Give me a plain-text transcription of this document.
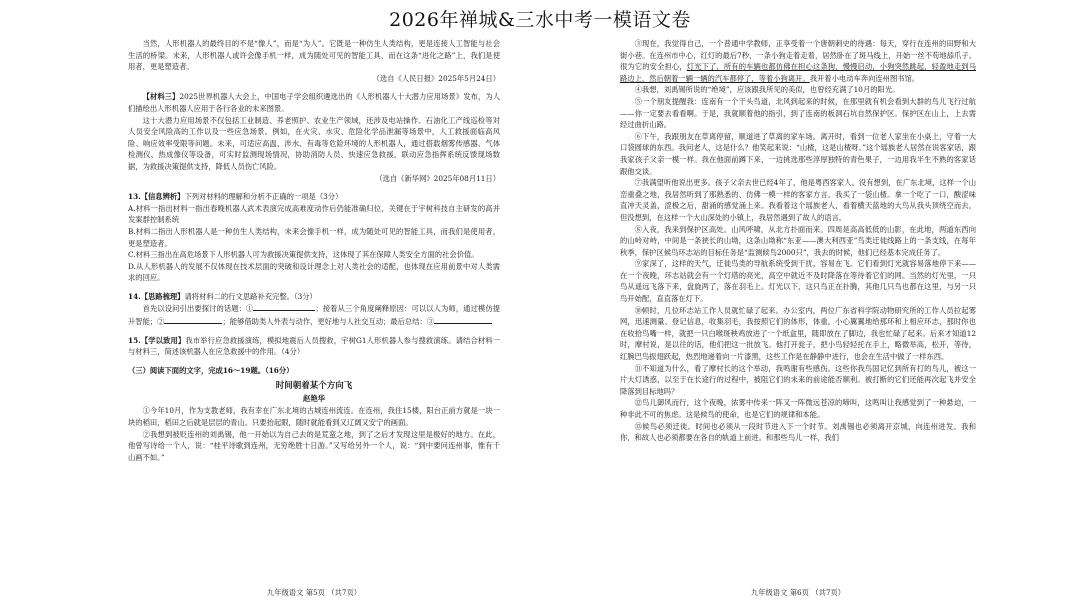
2026年禅城&三水中考一模语文卷

当然，人形机器人的最终目的不是“像人”，而是“为人”。它既是一种仿生人类结构，更是连接人工智能与社会生活的桥梁。未来，人形机器人或许会像手机一样，成为随处可见的智能工具，而在这条“进化之路”上，我们是使用者，更是塑造者。

（选自《人民日报》2025年5月24日）

【材料三】2025世界机器人大会上，中国电子学会组织遴选出的《人形机器人十大潜力应用场景》发布，为人们描绘出人形机器人应用于各行各业的未来图景。

这十大潜力应用场景不仅包括工业制造、养老照护、农业生产领域，还涉及电站操作、石油化工产线巡检等对人员安全风险高的工作以及一些应急场景。例如，在火灾、水灾、危险化学品泄漏等场景中，人工救援面临高风险、响应效率受限等问题。未来，可适应高温、涉水、有毒等危险环境的人形机器人，通过搭载烟雾传感器、气体检测仪、热成像仪等设备，可实时监测现场情况，协助消防人员、快速应急救援，联动应急指挥系统反馈现场数据，为救援决策提供支持，降低人员伤亡风险。

（选自《新华网》2025年08月11日）

13.【信息辨析】下列对材料的理解和分析不正确的一项是（3分）

A.材料一指出材料一指出春晚机器人武术表演完成高难度动作后仍能准确归位，关键在于宇树科技自主研发的高并发案群控制系统

B.材料二指出人形机器人是一种仿生人类结构，未来会像手机一样，成为随处可见的智能工具，而我们是使用者，更是塑造者。

C.材料三指出在高危场景下人形机器人可为救援决策提供支持，这体现了其在保障人类安全方面的社会价值。

D.从人形机器人的发展不仅体现在技术层面的突破和设计理念上对人类社会的适配，也体现在应用前景中对人类需求的回应。

14.【思路梳理】请将材料二的行文思路补充完整。（3分）

首先以设问引出要探讨的话题：①	；接着从三个角度阐释原因：可以以人为师，通过模仿提升智能；②	；能够借助类人外表与动作，更好地与人社交互动；最后总结：③

15.【学以致用】我市举行应急救援演练，模拟地震后人员搜救，宇树G1人形机器人参与搜救演练。请结合材料一与材料三，简述该机器人在应急救援中的作用。（4分）

（三）阅读下面的文字，完成16～19题。（16分）

时间朝着某个方向飞

赵艳华

①今年10月，作为支教老师，我有幸在广东北境的古城连州流连。在连州，我住15楼，阳台正前方就是一块一块的稻田，稻田之后就是层层的青山。只要抬起眼，随时就能看到又辽阔又安宁的画面。

②我想到被贬连州的刘禹锡，他一开始以为自己去的是荒蛮之地，到了之后才发现这里是极好的地方。在此，他曾写诗给一个人，说：“桂平诗歌到连州，无穷绝胜十日游。”又写给另外一个人，说：“到中要问连州事，惟有千山画不如。”

九年级语文 第5页 （共7页）

③现在，我觉得自己，一个普通中学教师，正享受着一个唐朝刺史的待遇：每天，穿行在连州的田野和大街小巷。在连州市中心，红灯的最后7秒，一条小狗走着走着，居然卧在了斑马线上，开始一丝不苟地舔爪子。很为它的安全担心，灯光下了，所有的车辆也都仿佛在担心这条狗，慢慢启动，小狗突然跳起，轻盈地走到马路边上，然后朝着一辆一辆的汽车都停了，等着小狗离开。我开着小电动车奔向连州图书馆。

④我想，刘禹锡所说的“绝境”，应该跟我所见的美似，也曾经充满了10月的阳光。

⑤一个朋友提醒我：连南有一个干头鸟道，北风到起来的时候，在那里就有机会看到大群的鸟儿飞行过航——你一定要去看看啊。于是，我就顺着他的指引，到了连南的板洞石坑自然保护区。保护区在山上，上去需经过曲折山路。

⑥下午，我跟朋友在草离停留，顺道进了草离的家车场。离开时，看到一位老人家坐在小桌上，守着一大口袋圆球的东西。我问老人，这是什么？他笑起来说：“山楂，这是山楂呀。”这个瑶族老人居然在说客家话，跟我家孩子父亲一模一样。我在他面前蹲下来，一边挑选那些淳厚独特的青色果子，一边用我半生不熟的客家话跟他交谈。

⑦我满望听他说出更多。孩子父亲去世已经4年了，他是粤西客家人。没有想到，在广东北境，这样一个山峦重叠之地，我居然听到了那熟悉的、仿佛一模一样的客家方言。我买了一袋山楂。拿一个吃了一口，酸涩味直冲天灵盖，涩极之后，甜涌的感觉涌上来。我看着这个瑶族老人，看着横天蓝地的大鸟从我头顶绕空而去，但没想到，在这样一个大山深处的小镇上，我居然遇到了故人的语言。

⑧入夜，我来到保护区高处。山风呼啸，从北方扑面而来。四周是高高低低的山影，在此地，两道东西向的山岭对峙，中间是一条狭长的山坳，这条山坳称“东亚——澳大利西亚”鸟类迁徙线路上的一条支线，在每年秋季，保护区候鸟环志站的目标任务是“监测候鸟2000只”，我去的时候，他们已经基本完成任务了。

⑨家深了，这样的天气，迁徙鸟类的导航系统受到干扰，容易在飞。它们看到灯光就容易落地停下来——在一个夜晚，环志站就会有一个灯塔的亮光，高空中就近不及时降落在等待着它们的网。当然的灯光里，一只鸟从遥远飞落下来，盘旋两了，落在羽毛上。灯光以下，这只鸟正在扑腾，其他几只鸟也都在这里，与另一只鸟开始配，直直落在灯下。

⑩顿时，几位环志站工作人员就忙碌了起来。办公室内，两位广东省科学院动物研究所的工作人员拉起雾网，迅速测量、登记信息，收集羽毛，我按照它们的体形，体重，小心翼翼地给那环和上相应环志，那时你也在收拾鸟嘴一样，就把一只白喉斑秧鸡放进了一个纸盒里，随即放在了脚边，我也忙碌了起来。后来才知道12时，摩村说，是以往的话，他们把这一批放飞。他打开瓮子，把小鸟轻轻托在手上，略微举高，松开，等待，红腕巴鸟振翅跃起，热烈地递着向一片漆黑，这些工作是在静静中进行，也会在生活中做了一样东西。

⑪不知道为什么，看了摩村长的这个举动，我鸣谢有些感伤。这些你我鸟国记忆到所有打的鸟儿，被这一片大灯诱惑，以至于在长途行的过程中，被阻它们的未来的前途能否顺利。被打断的它们还能再次起飞并安全降落到目标地吗？

⑫鸟儿御风而行，这个夜晚，浓雾中传来一阵又一阵微远苍凉的啼叫，这鸣叫让我感觉到了一种悬迫，一种非此不可的焦虑。这是候鸟的使命，也是它们的规律和本能。

⑬候鸟必须迁徙。时间也必须从一段时节进入下一个时节。刘禹锡也必须离开京城，向连州进发。我和你，和故人也必须都要在各自的轨道上前进。和那些鸟儿一样，我们

九年级语文 第6页 （共7页）
